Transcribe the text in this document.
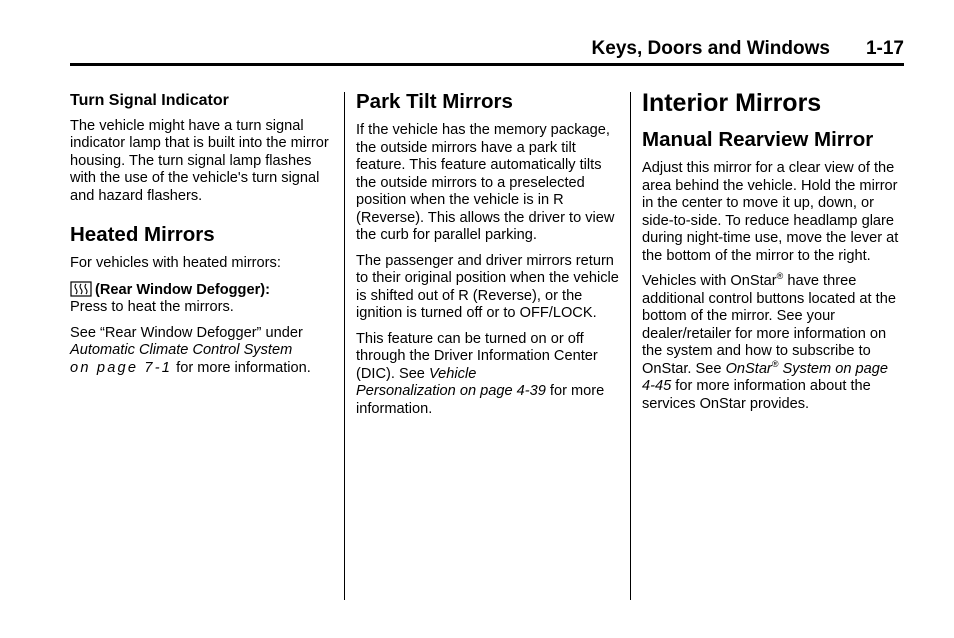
Keys, Doors and Windows 1-17
Turn Signal Indicator

The vehicle might have a turn signal indicator lamp that is built into the mirror housing. The turn signal lamp flashes with the use of the vehicle's turn signal and hazard flashers.

Heated Mirrors

For vehicles with heated mirrors:

(Rear Window Defogger):
Press to heat the mirrors.

See “Rear Window Defogger” under
Automatic Climate Control System
on page 7-1 for more information.

Park Tilt Mirrors

If the vehicle has the memory package, the outside mirrors have a park tilt feature. This feature automatically tilts the outside mirrors to a preselected position when the vehicle is in R (Reverse). This allows the driver to view the curb for parallel parking.

The passenger and driver mirrors return to their original position when the vehicle is shifted out of R (Reverse), or the ignition is turned off or to OFF/LOCK.

This feature can be turned on or off through the Driver Information Center (DIC). See Vehicle
Personalization on page 4-39 for more information.

Interior Mirrors
Manual Rearview Mirror

Adjust this mirror for a clear view of the area behind the vehicle. Hold the mirror in the center to move it up, down, or side-to-side. To reduce headlamp glare during night-time use, move the lever at the bottom of the mirror to the right.

Vehicles with OnStar® have three additional control buttons located at the bottom of the mirror. See your dealer/retailer for more information on the system and how to subscribe to OnStar. See OnStar® System on page 4-45 for more information about the services OnStar provides.
